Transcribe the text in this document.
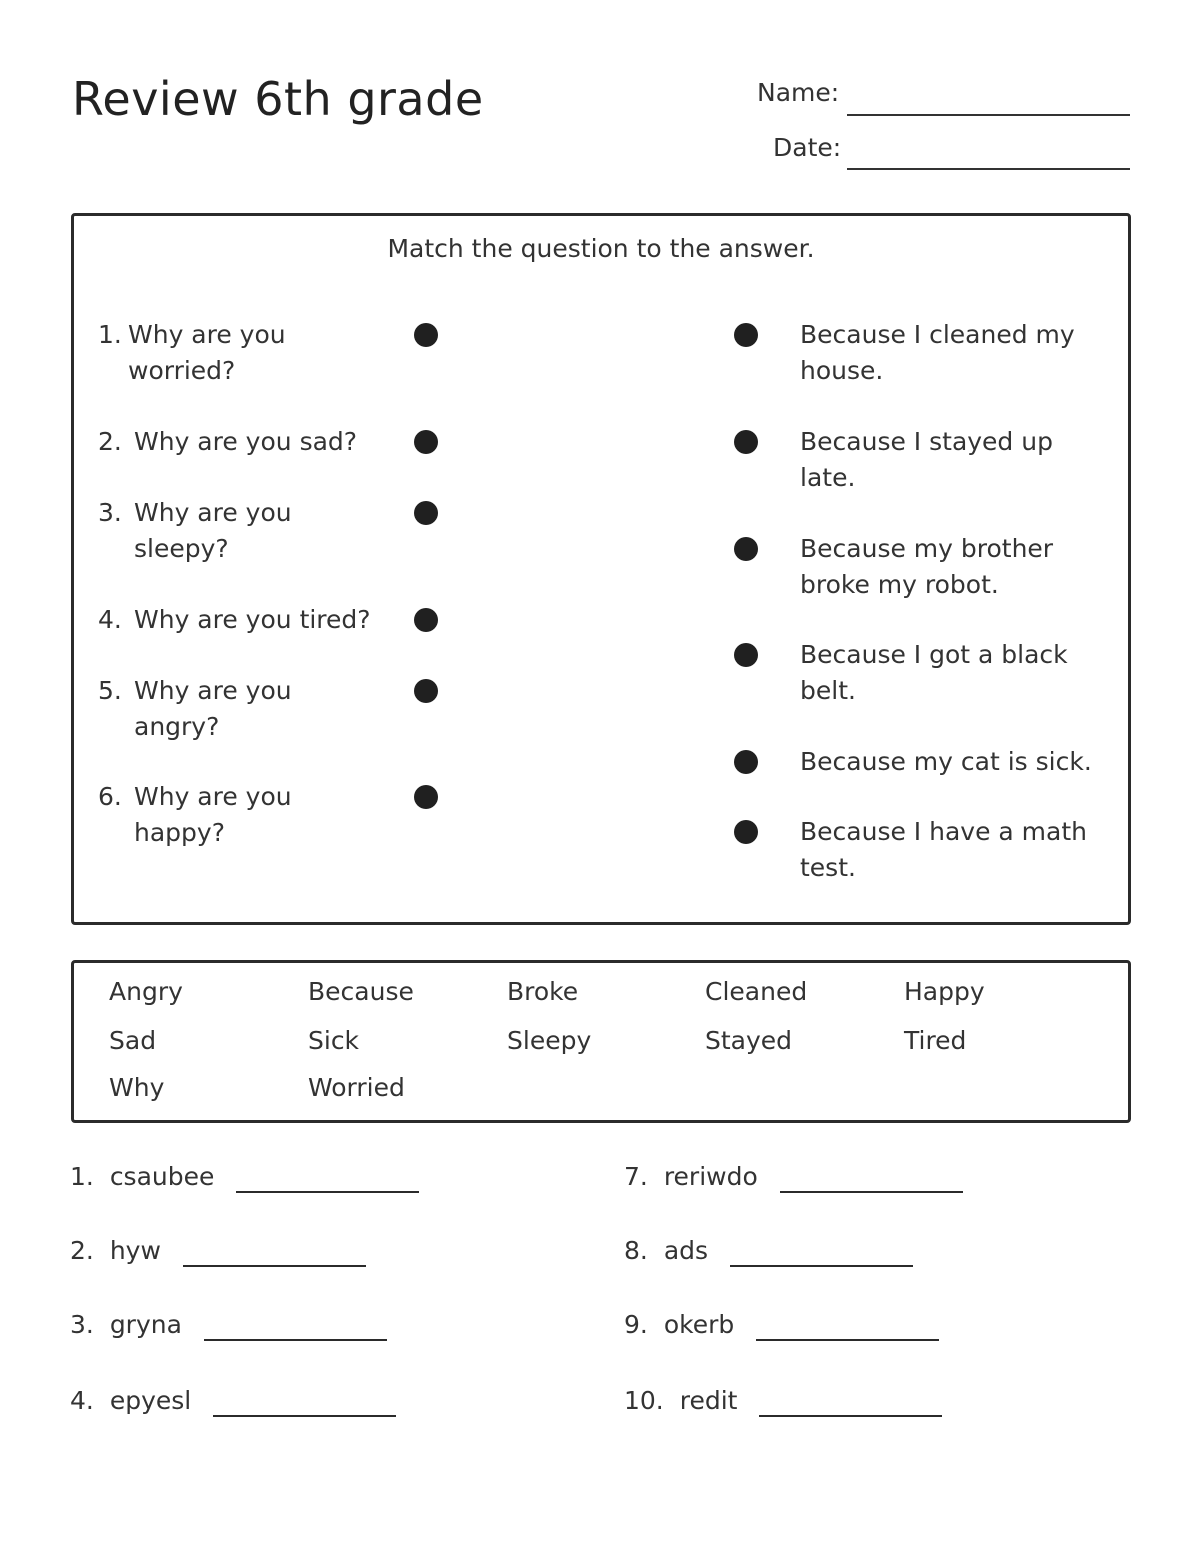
Review 6th grade	Name:
Date:
Match the question to the answer.
1. Why are you worried?
2. Why are you sad?
3. Why are you sleepy?
4. Why are you tired?
5. Why are you angry?
6. Why are you happy?
Because I cleaned my house.
Because I stayed up late.
Because my brother broke my robot.
Because I got a black belt.
Because my cat is sick.
Because I have a math test.
Angry	Because	Broke	Cleaned	Happy
Sad	Sick	Sleepy	Stayed	Tired
Why	Worried
1. csaubee
2. hyw
3. gryna
4. epyesl
7. reriwdo
8. ads
9. okerb
10. redit
